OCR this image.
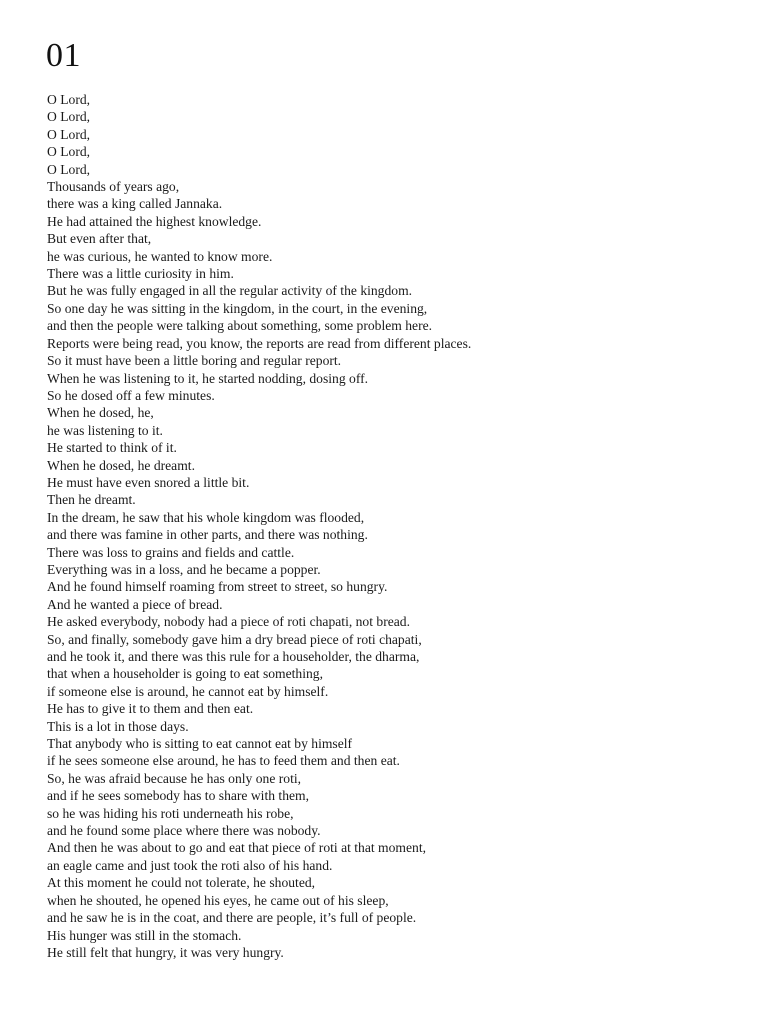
01
O Lord,
O Lord,
O Lord,
O Lord,
O Lord,
Thousands of years ago,
there was a king called Jannaka.
He had attained the highest knowledge.
But even after that,
he was curious, he wanted to know more.
There was a little curiosity in him.
But he was fully engaged in all the regular activity of the kingdom.
So one day he was sitting in the kingdom, in the court, in the evening,
and then the people were talking about something, some problem here.
Reports were being read, you know, the reports are read from different places.
So it must have been a little boring and regular report.
When he was listening to it, he started nodding, dosing off.
So he dosed off a few minutes.
When he dosed, he,
he was listening to it.
He started to think of it.
When he dosed, he dreamt.
He must have even snored a little bit.
Then he dreamt.
In the dream, he saw that his whole kingdom was flooded,
and there was famine in other parts, and there was nothing.
There was loss to grains and fields and cattle.
Everything was in a loss, and he became a popper.
And he found himself roaming from street to street, so hungry.
And he wanted a piece of bread.
He asked everybody, nobody had a piece of roti chapati, not bread.
So, and finally, somebody gave him a dry bread piece of roti chapati,
and he took it, and there was this rule for a householder, the dharma,
that when a householder is going to eat something,
if someone else is around, he cannot eat by himself.
He has to give it to them and then eat.
This is a lot in those days.
That anybody who is sitting to eat cannot eat by himself
if he sees someone else around, he has to feed them and then eat.
So, he was afraid because he has only one roti,
and if he sees somebody has to share with them,
so he was hiding his roti underneath his robe,
and he found some place where there was nobody.
And then he was about to go and eat that piece of roti at that moment,
an eagle came and just took the roti also of his hand.
At this moment he could not tolerate, he shouted,
when he shouted, he opened his eyes, he came out of his sleep,
and he saw he is in the coat, and there are people, it’s full of people.
His hunger was still in the stomach.
He still felt that hungry, it was very hungry.
